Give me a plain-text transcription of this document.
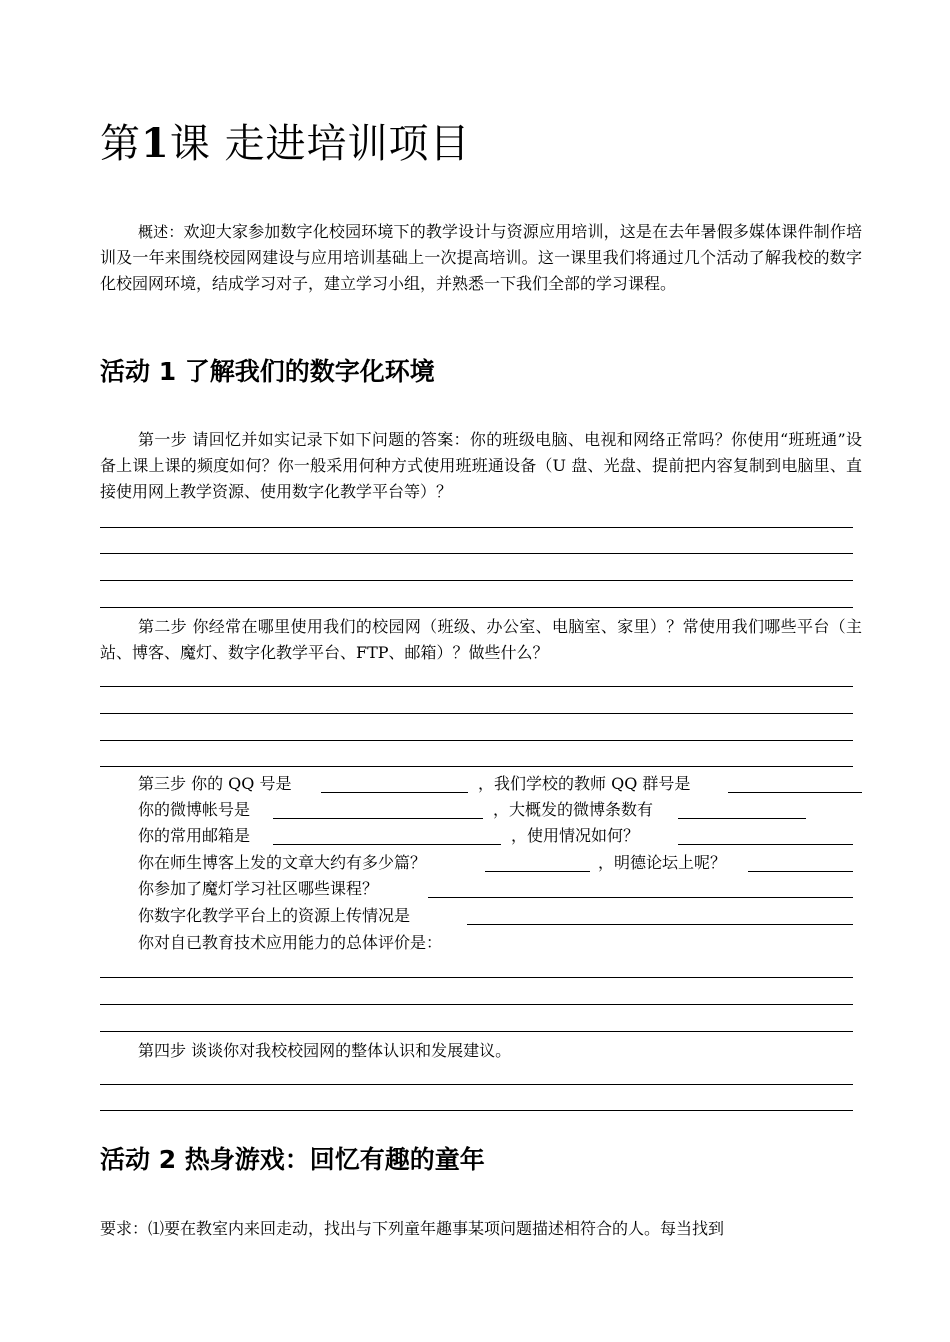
第1课 走进培训项目

概述：欢迎大家参加数字化校园环境下的教学设计与资源应用培训，这是在去年暑假多媒体课件制作培训及一年来围绕校园网建设与应用培训基础上一次提高培训。这一课里我们将通过几个活动了解我校的数字化校园网环境，结成学习对子，建立学习小组，并熟悉一下我们全部的学习课程。

活动 1 了解我们的数字化环境

第一步 请回忆并如实记录下如下问题的答案：你的班级电脑、电视和网络正常吗？你使用“班班通”设备上课上课的频度如何？你一般采用何种方式使用班班通设备（U 盘、光盘、提前把内容复制到电脑里、直接使用网上教学资源、使用数字化教学平台等）？

第二步 你经常在哪里使用我们的校园网（班级、办公室、电脑室、家里）？常使用我们哪些平台（主站、博客、魔灯、数字化教学平台、FTP、邮箱）？做些什么？

第三步 你的 QQ 号是	，我们学校的教师 QQ 群号是
你的微博帐号是	，大概发的微博条数有
你的常用邮箱是	，使用情况如何？
你在师生博客上发的文章大约有多少篇？	，明德论坛上呢？
你参加了魔灯学习社区哪些课程？
你数字化教学平台上的资源上传情况是
你对自已教育技术应用能力的总体评价是：
第四步 谈谈你对我校校园网的整体认识和发展建议。
活动 2 热身游戏：回忆有趣的童年

要求：⑴要在教室内来回走动，找出与下列童年趣事某项问题描述相符合的人。每当找到
